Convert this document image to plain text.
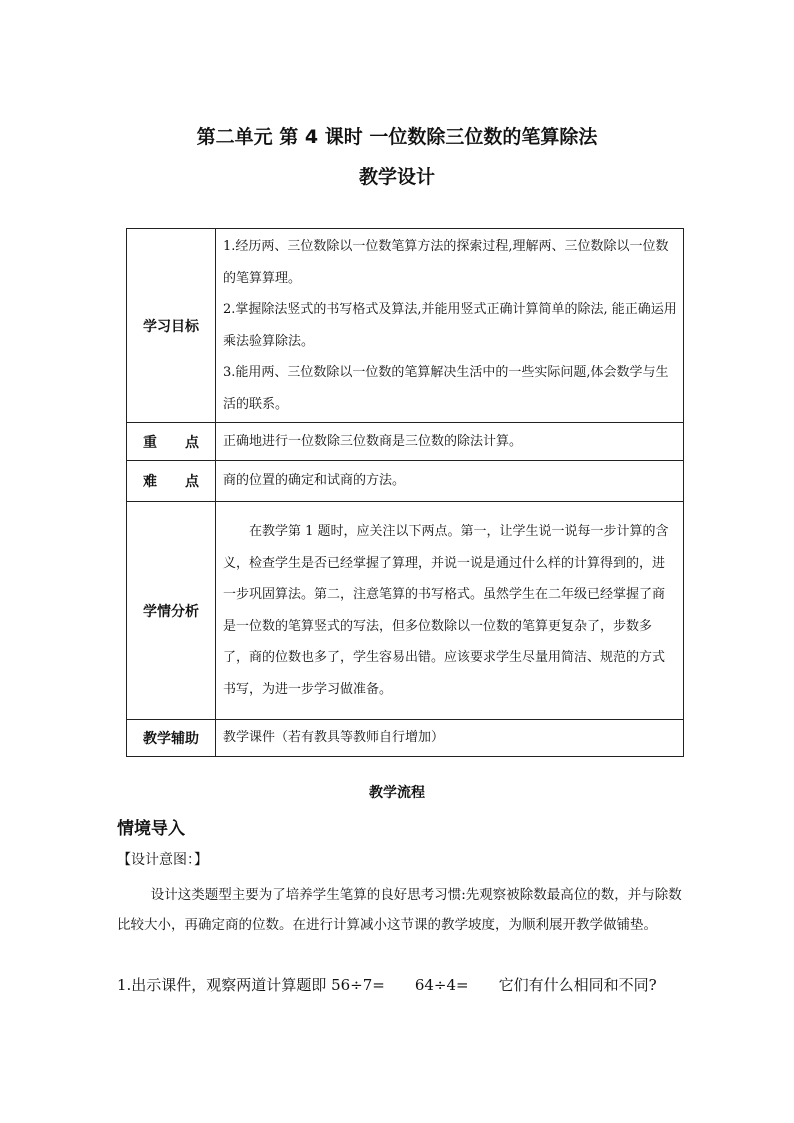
第二单元 第 4 课时 一位数除三位数的笔算除法
教学设计
学习目标	1.经历两、三位数除以一位数笔算方法的探索过程,理解两、三位数除以一位数的笔算算理。

2.掌握除法竖式的书写格式及算法,并能用竖式正确计算简单的除法, 能正确运用乘法验算除法。

3.能用两、三位数除以一位数的笔算解决生活中的一些实际问题,体会数学与生活的联系。

重　　点	正确地进行一位数除三位数商是三位数的除法计算。
难　　点	商的位置的确定和试商的方法。
学情分析	在教学第 1 题时，应关注以下两点。第一，让学生说一说每一步计算的含义，检查学生是否已经掌握了算理，并说一说是通过什么样的计算得到的，进一步巩固算法。第二，注意笔算的书写格式。虽然学生在二年级已经掌握了商是一位数的笔算竖式的写法，但多位数除以一位数的笔算更复杂了，步数多了，商的位数也多了，学生容易出错。应该要求学生尽量用简洁、规范的方式书写，为进一步学习做准备。
教学辅助	教学课件（若有教具等教师自行增加）
教学流程
情境导入
【设计意图：】
设计这类题型主要为了培养学生笔算的良好思考习惯:先观察被除数最高位的数，并与除数比较大小，再确定商的位数。在进行计算减小这节课的教学坡度，为顺利展开教学做铺垫。
1.出示课件，观察两道计算题即 56÷7=　　64÷4=　　它们有什么相同和不同?
